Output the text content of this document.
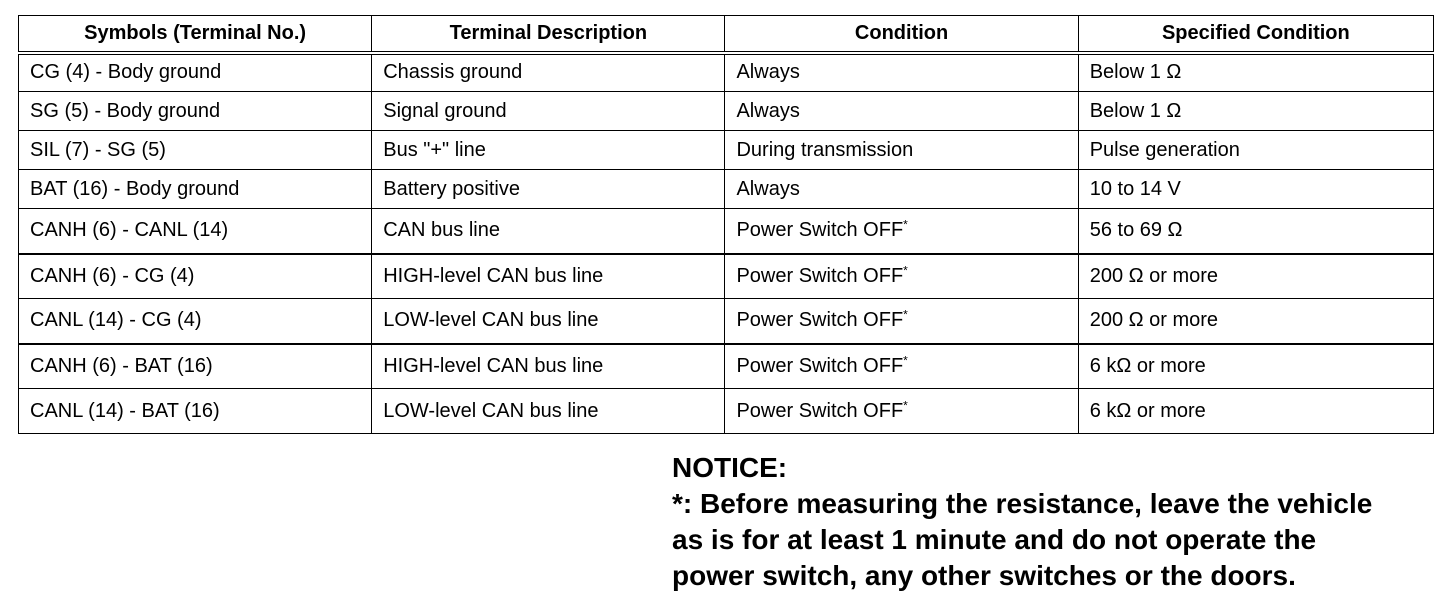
Symbols (Terminal No.)	Terminal Description	Condition	Specified Condition
CG (4) - Body ground	Chassis ground	Always	Below 1 Ω
SG (5) - Body ground	Signal ground	Always	Below 1 Ω
SIL (7) - SG (5)	Bus "+" line	During transmission	Pulse generation
BAT (16) - Body ground	Battery positive	Always	10 to 14 V
CANH (6) - CANL (14)	CAN bus line	Power Switch OFF*	56 to 69 Ω
CANH (6) - CG (4)	HIGH-level CAN bus line	Power Switch OFF*	200 Ω or more
CANL (14) - CG (4)	LOW-level CAN bus line	Power Switch OFF*	200 Ω or more
CANH (6) - BAT (16)	HIGH-level CAN bus line	Power Switch OFF*	6 kΩ or more
CANL (14) - BAT (16)	LOW-level CAN bus line	Power Switch OFF*	6 kΩ or more
NOTICE:
*: Before measuring the resistance, leave the vehicle
as is for at least 1 minute and do not operate the
power switch, any other switches or the doors.
